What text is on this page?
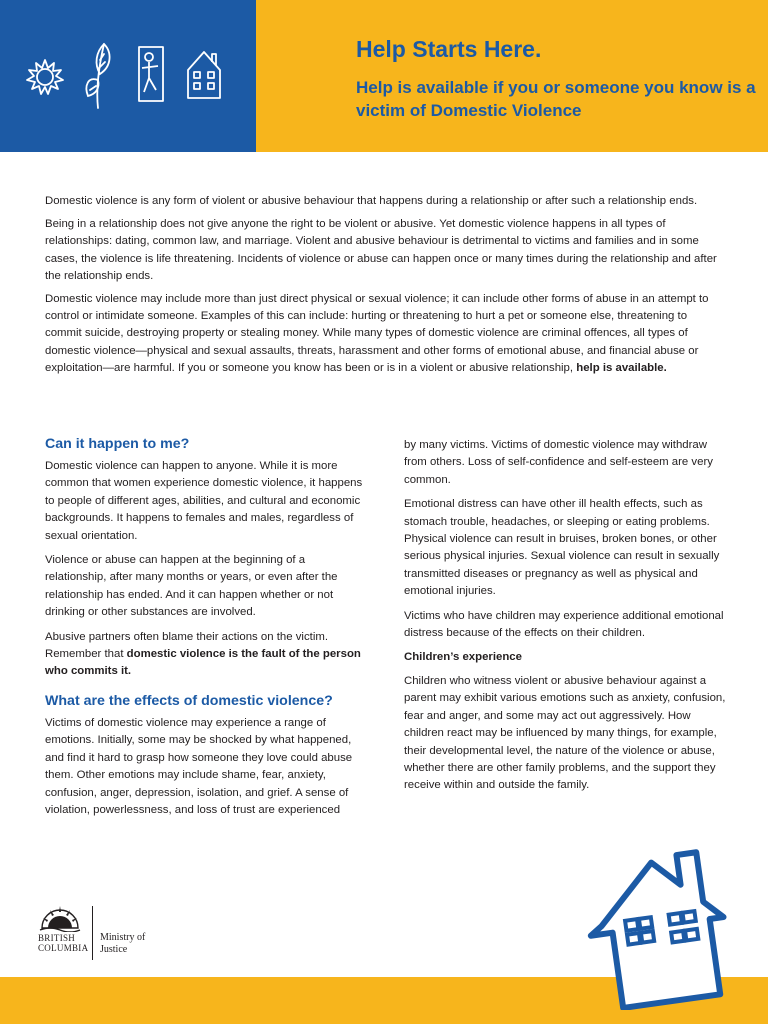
Help Starts Here.
Help is available if you or someone you know is a victim of Domestic Violence

Domestic violence is any form of violent or abusive behaviour that happens during a relationship or after such a relationship ends.

Being in a relationship does not give anyone the right to be violent or abusive. Yet domestic violence happens in all types of relationships: dating, common law, and marriage. Violent and abusive behaviour is detrimental to victims and families and in some cases, the violence is life threatening. Incidents of violence or abuse can happen once or many times during the relationship and after the relationship ends.

Domestic violence may include more than just direct physical or sexual violence; it can include other forms of abuse in an attempt to control or intimidate someone. Examples of this can include: hurting or threatening to hurt a pet or someone else, threatening to commit suicide, destroying property or stealing money. While many types of domestic violence are criminal offences, all types of domestic violence—physical and sexual assaults, threats, harassment and other forms of emotional abuse, and financial abuse or exploitation—are harmful. If you or someone you know has been or is in a violent or abusive relationship, help is available.

Can it happen to me?

Domestic violence can happen to anyone. While it is more common that women experience domestic violence, it happens to people of different ages, abilities, and cultural and economic backgrounds. It happens to females and males, regardless of sexual orientation.

Violence or abuse can happen at the beginning of a relationship, after many months or years, or even after the relationship has ended. And it can happen whether or not drinking or other substances are involved.

Abusive partners often blame their actions on the victim. Remember that domestic violence is the fault of the person who commits it.

What are the effects of domestic violence?

Victims of domestic violence may experience a range of emotions. Initially, some may be shocked by what happened, and find it hard to grasp how someone they love could abuse them. Other emotions may include shame, fear, anxiety, confusion, anger, depression, isolation, and grief. A sense of violation, powerlessness, and loss of trust are experienced

by many victims. Victims of domestic violence may withdraw from others. Loss of self-confidence and self-esteem are very common.

Emotional distress can have other ill health effects, such as stomach trouble, headaches, or sleeping or eating problems. Physical violence can result in bruises, broken bones, or other serious physical injuries. Sexual violence can result in sexually transmitted diseases or pregnancy as well as physical and emotional injuries.

Victims who have children may experience additional emotional distress because of the effects on their children.

Children’s experience

Children who witness violent or abusive behaviour against a parent may exhibit various emotions such as anxiety, confusion, fear and anger, and some may act out aggressively. How children react may be influenced by many things, for example, their developmental level, the nature of the violence or abuse, whether there are other family problems, and the support they receive within and outside the family.

BRITISH
COLUMBIA
Ministry of
Justice
